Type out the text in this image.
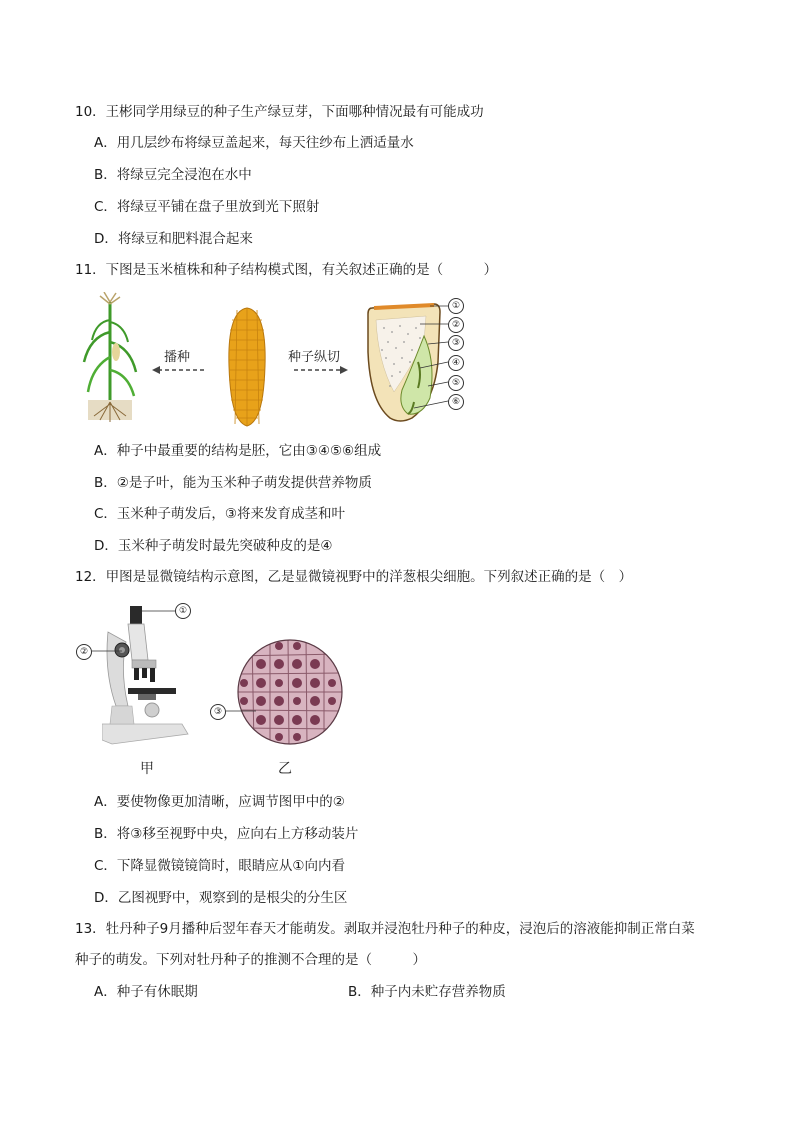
10．王彬同学用绿豆的种子生产绿豆芽，下面哪种情况最有可能成功
A．用几层纱布将绿豆盖起来，每天往纱布上洒适量水
B．将绿豆完全浸泡在水中
C．将绿豆平铺在盘子里放到光下照射
D．将绿豆和肥料混合起来
11．下图是玉米植株和种子结构模式图，有关叙述正确的是（　　　）
播种	种子纵切
①
②
③
④
⑤
⑥
A．种子中最重要的结构是胚，它由③④⑤⑥组成
B．②是子叶，能为玉米种子萌发提供营养物质
C．玉米种子萌发后，③将来发育成茎和叶
D．玉米种子萌发时最先突破种皮的是④
12．甲图是显微镜结构示意图，乙是显微镜视野中的洋葱根尖细胞。下列叙述正确的是（　）
①
②
③
甲	乙
A．要使物像更加清晰，应调节图甲中的②
B．将③移至视野中央，应向右上方移动装片
C．下降显微镜镜筒时，眼睛应从①向内看
D．乙图视野中，观察到的是根尖的分生区
13．牡丹种子9月播种后翌年春天才能萌发。剥取并浸泡牡丹种子的种皮，浸泡后的溶液能抑制正常白菜
种子的萌发。下列对牡丹种子的推测不合理的是（　　　）
A．种子有休眠期	B．种子内未贮存营养物质
